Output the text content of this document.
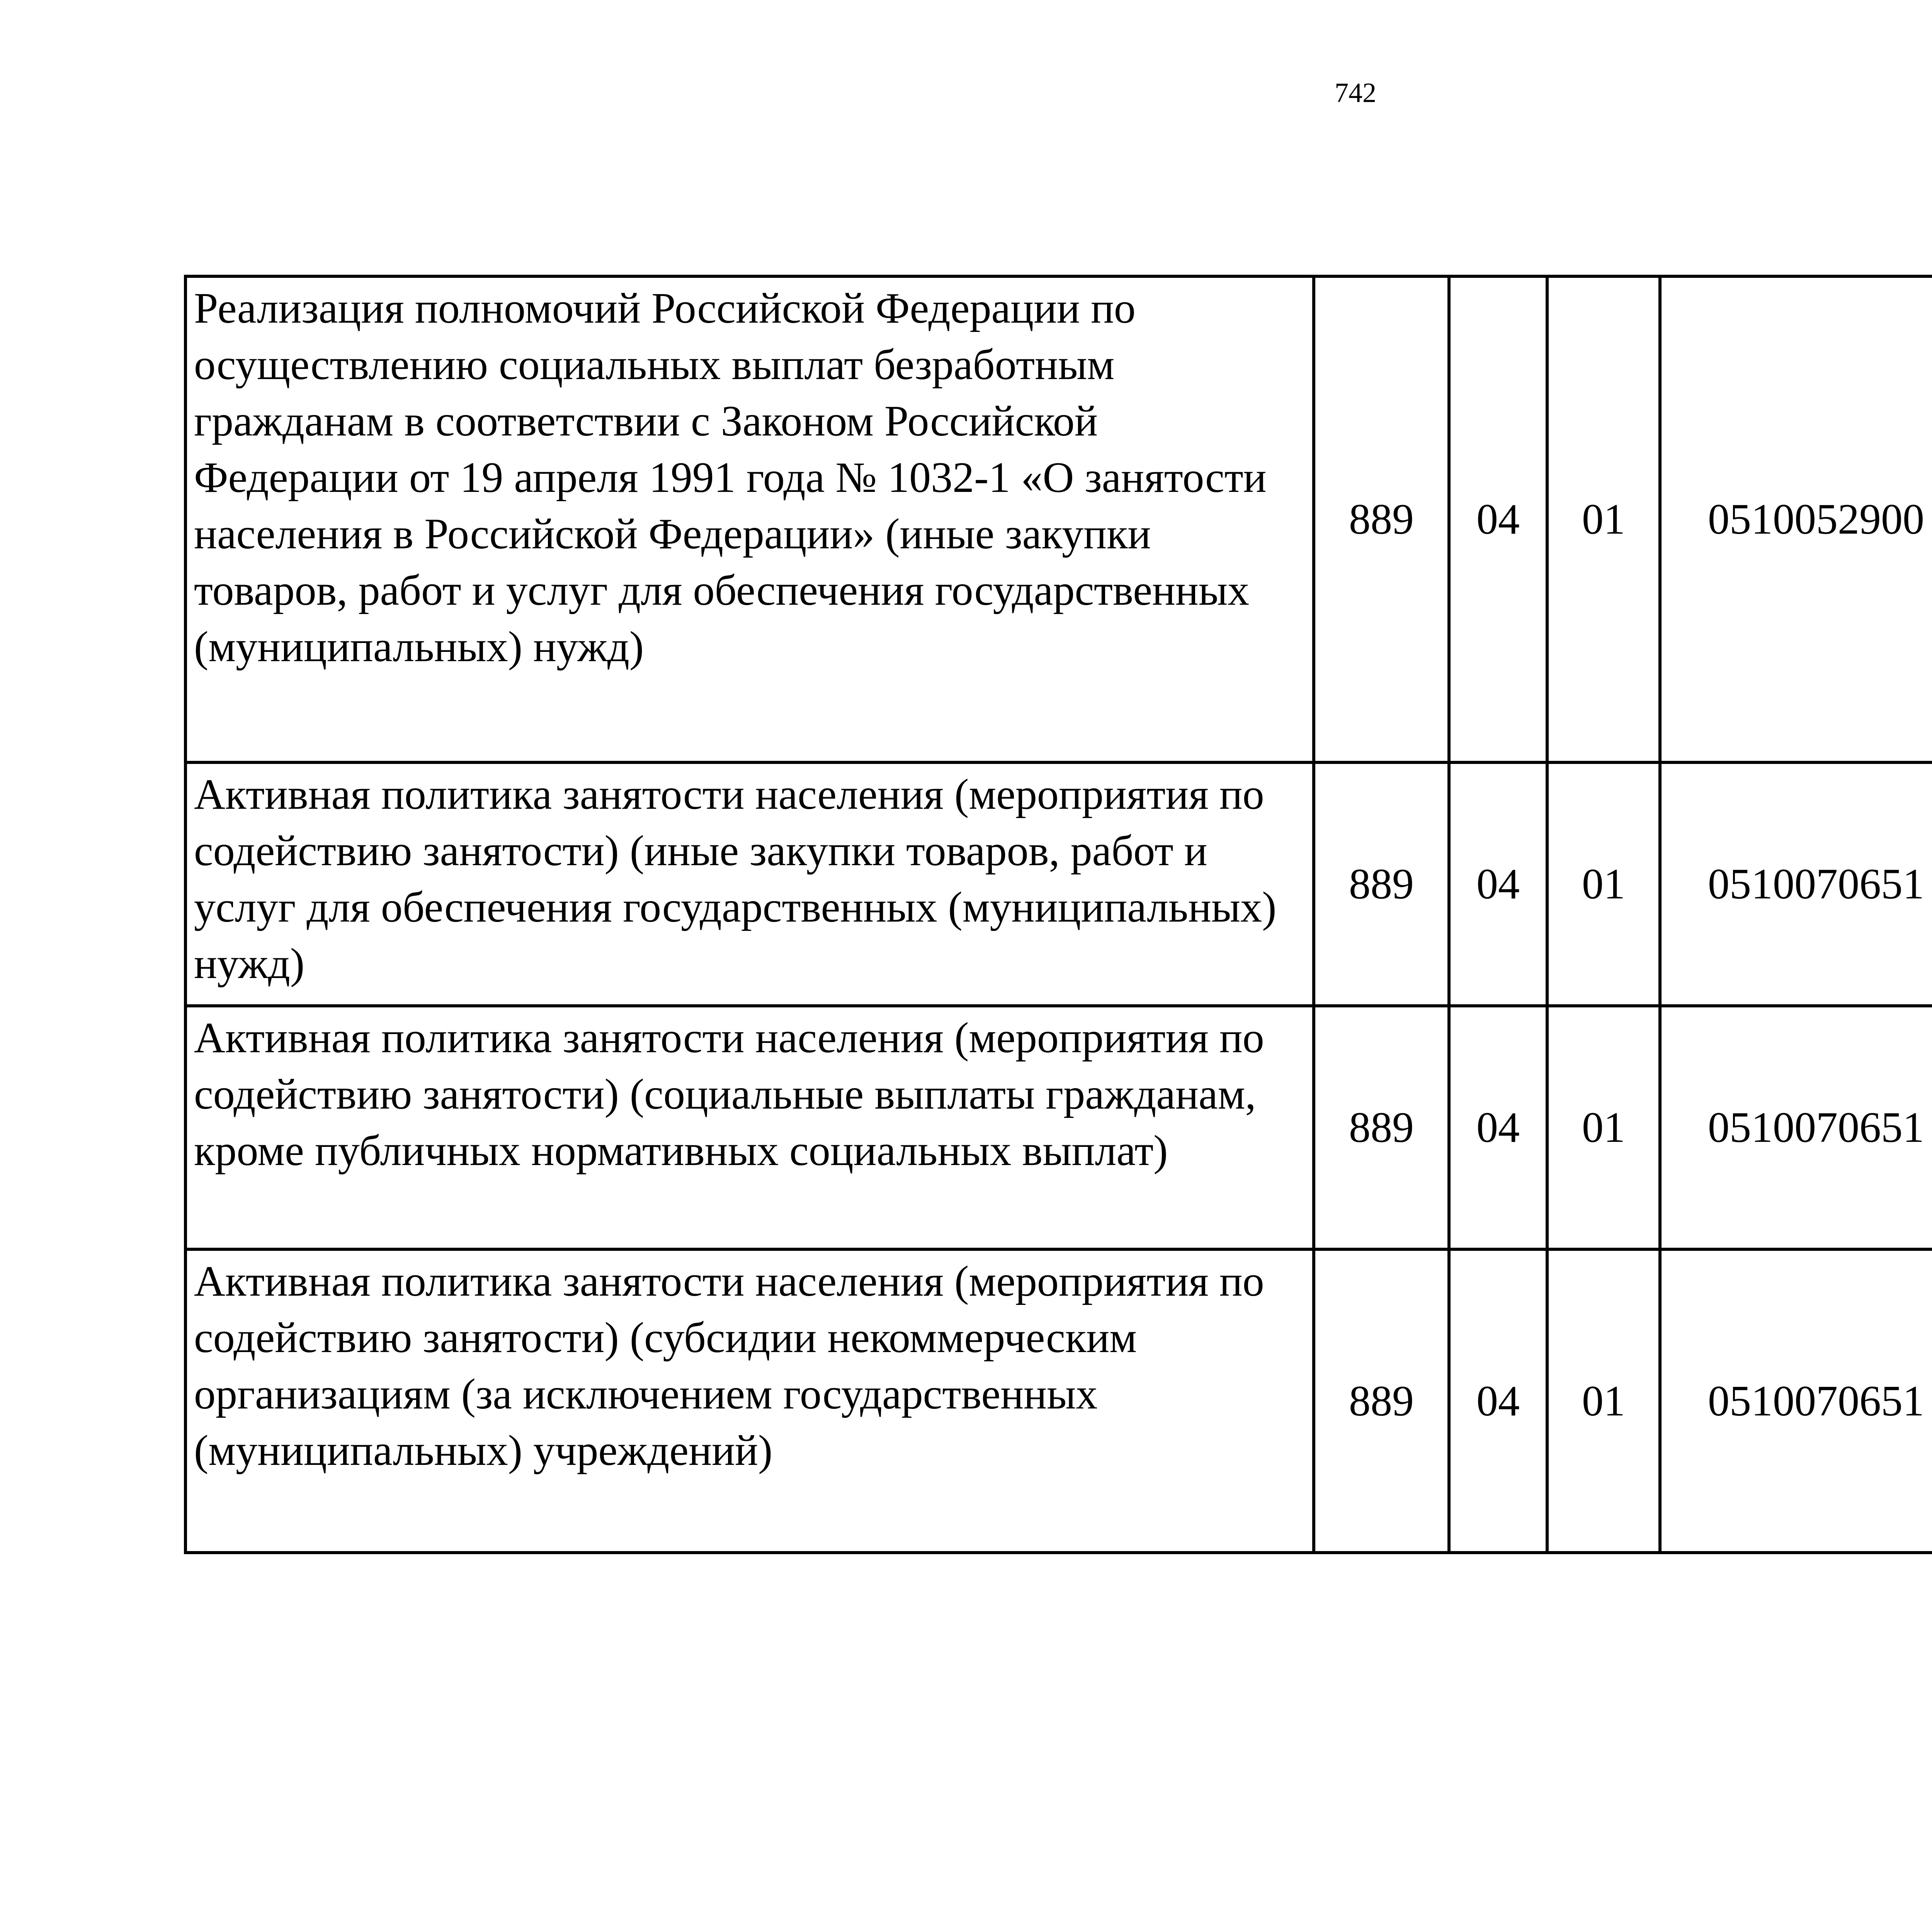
742
Реализация полномочий Российской Федерации по осуществлению социальных выплат безработным гражданам в соответствии с Законом Российской Федерации от 19 апреля 1991 года № 1032-1 «О занятости населения в Российской Федерации» (иные закупки товаров, работ и услуг для обеспечения государственных (муниципальных) нужд)	889	04	01	0510052900		
Активная политика занятости населения (мероприятия по содействию занятости) (иные закупки товаров, работ и услуг для обеспечения государственных (муниципальных) нужд)	889	04	01	0510070651		
Активная политика занятости населения (мероприятия по содействию занятости) (социальные выплаты гражданам, кроме публичных нормативных социальных выплат)	889	04	01	0510070651		
Активная политика занятости населения (мероприятия по содействию занятости) (субсидии некоммерческим организациям (за исключением государственных (муниципальных) учреждений)	889	04	01	0510070651		
